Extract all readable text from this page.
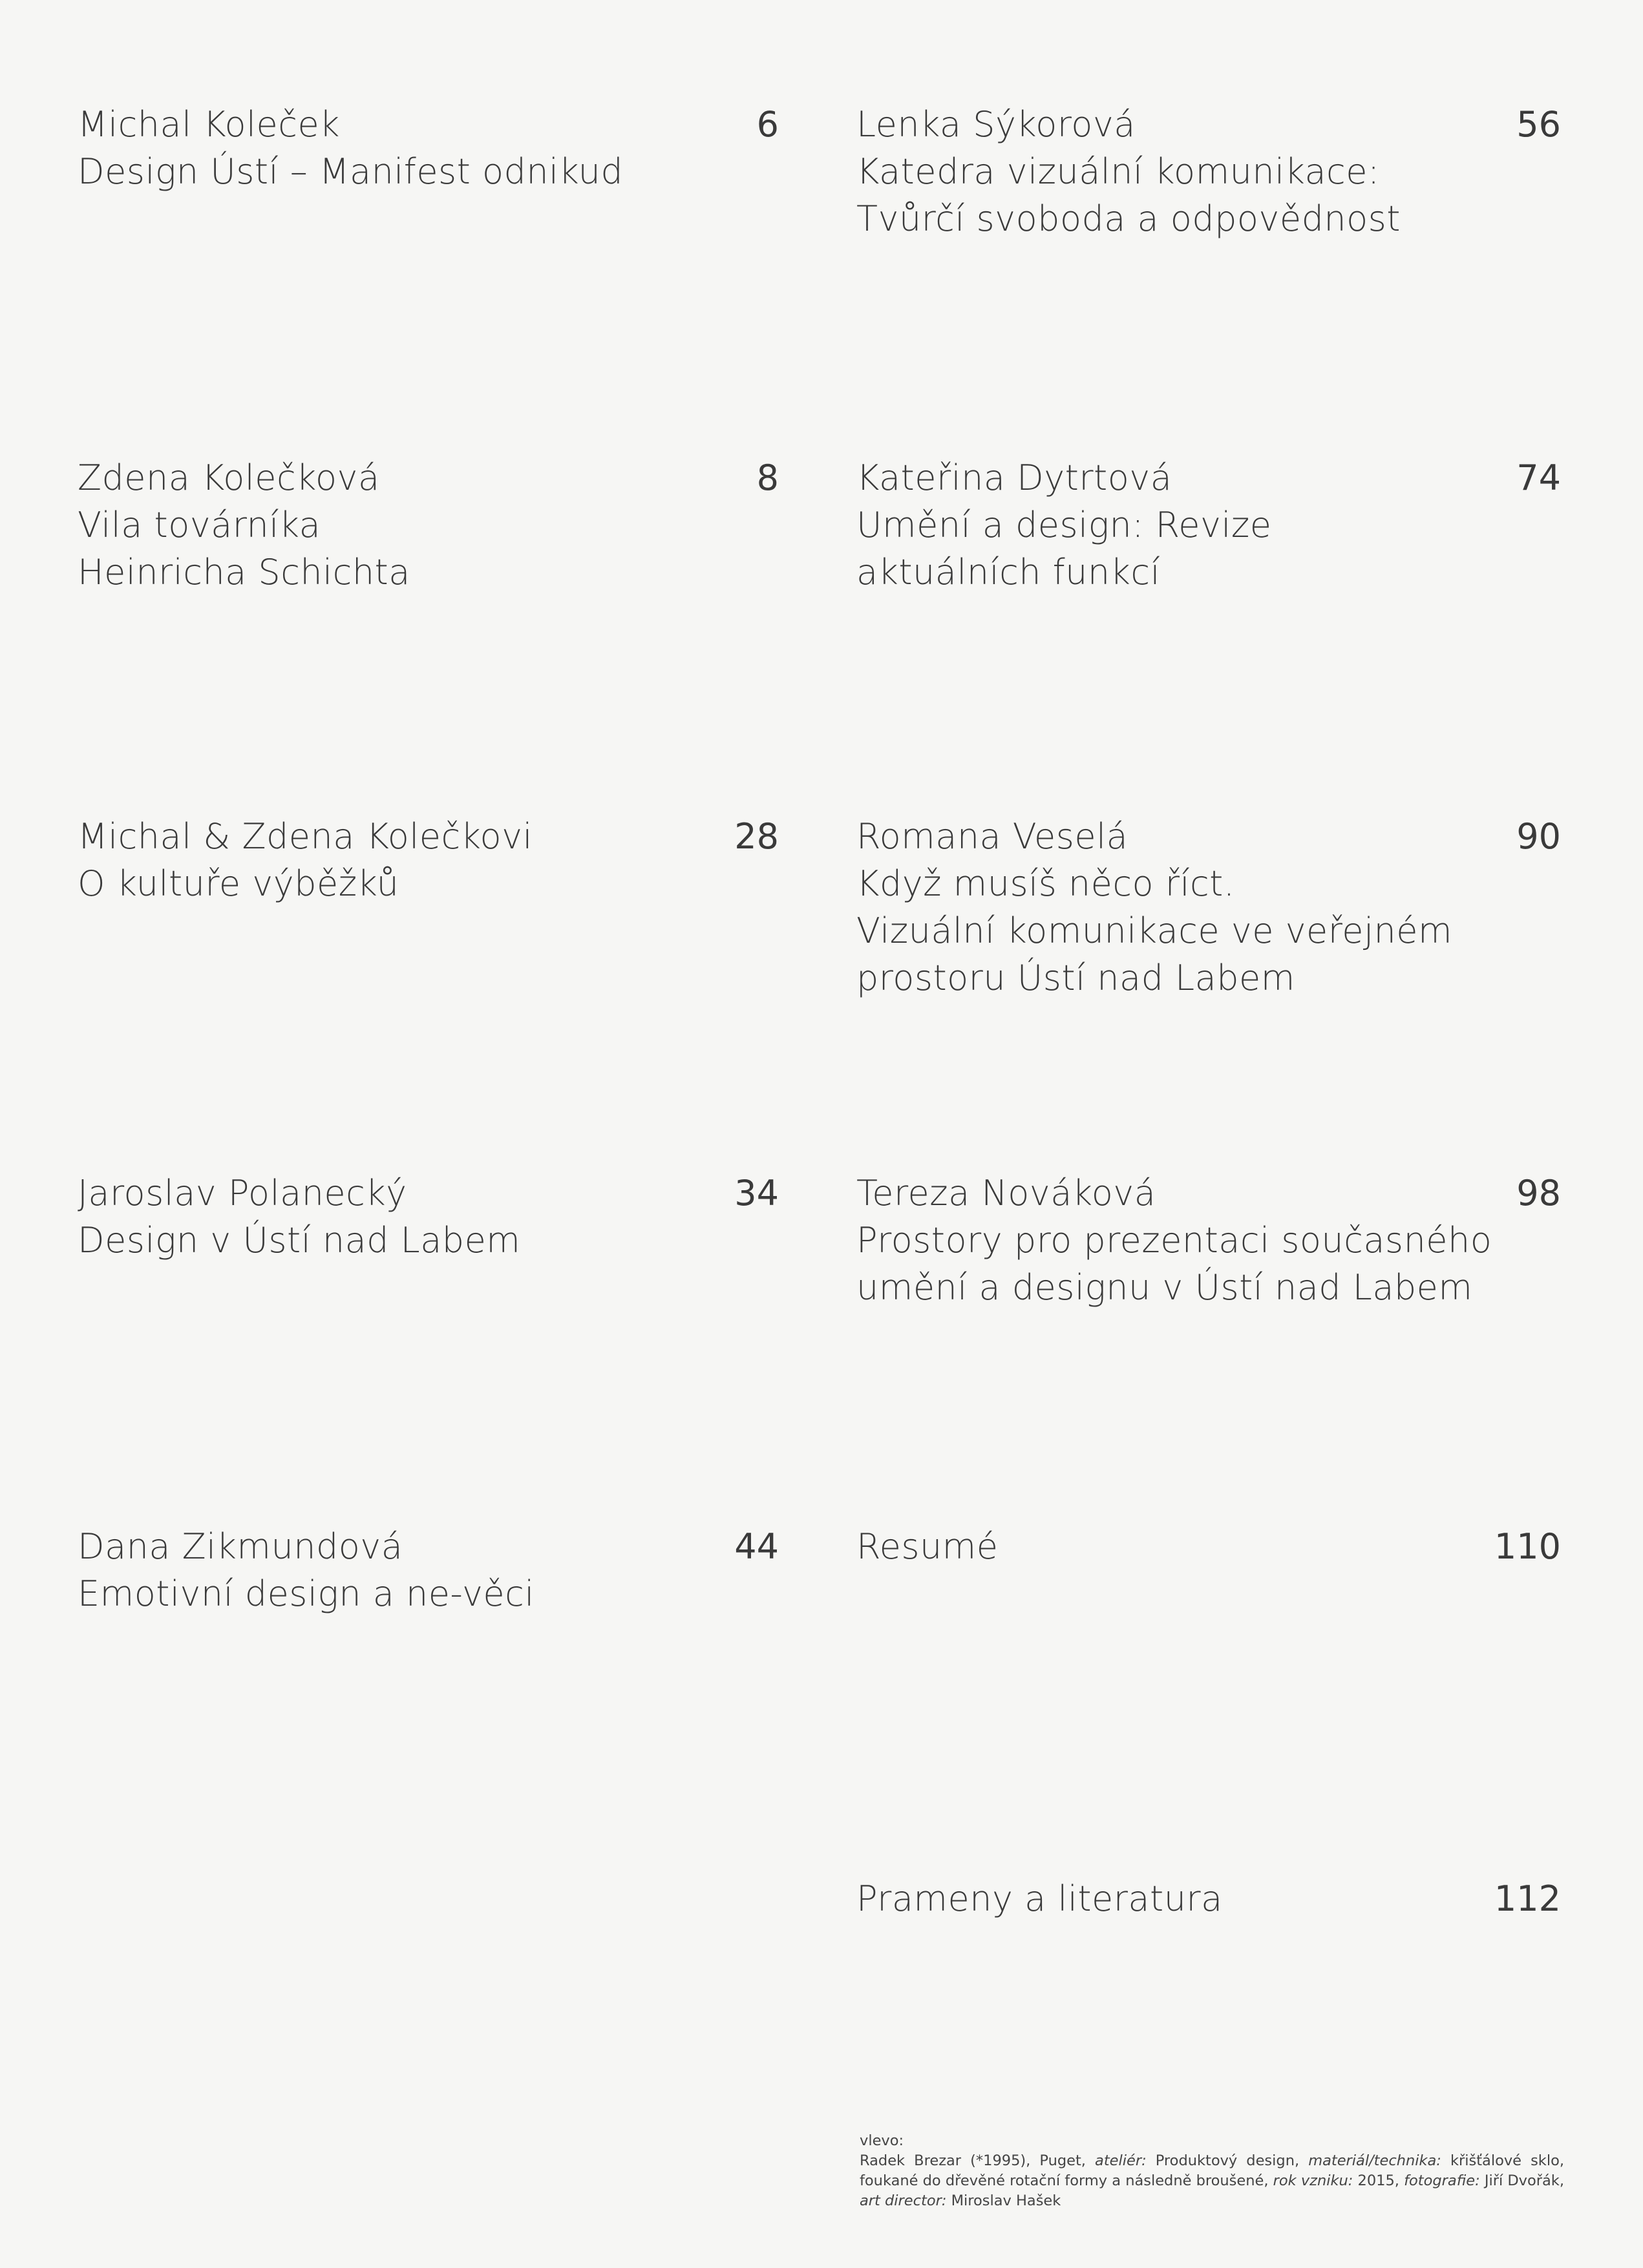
Michal Koleček
Design Ústí – Manifest odnikud
6
Zdena Kolečková
Vila továrníka
Heinricha Schichta
8
Michal & Zdena Kolečkovi
O kultuře výběžků
28
Jaroslav Polanecký
Design v Ústí nad Labem
34
Dana Zikmundová
Emotivní design a ne-věci
44
Lenka Sýkorová
Katedra vizuální komunikace:
Tvůrčí svoboda a odpovědnost
56
Kateřina Dytrtová
Umění a design: Revize
aktuálních funkcí
74
Romana Veselá
Když musíš něco říct.
Vizuální komunikace ve veřejném
prostoru Ústí nad Labem
90
Tereza Nováková
Prostory pro prezentaci současného
umění a designu v Ústí nad Labem
98
Resumé	110
Prameny a literatura	112

vlevo:

Radek Brezar (*1995), Puget, ateliér: Produktový design, materiál/technika: křišťálové sklo, foukané do dřevěné rotační formy a následně broušené, rok vzniku: 2015, fotografie: Jiří Dvořák, art director: Miroslav Hašek
